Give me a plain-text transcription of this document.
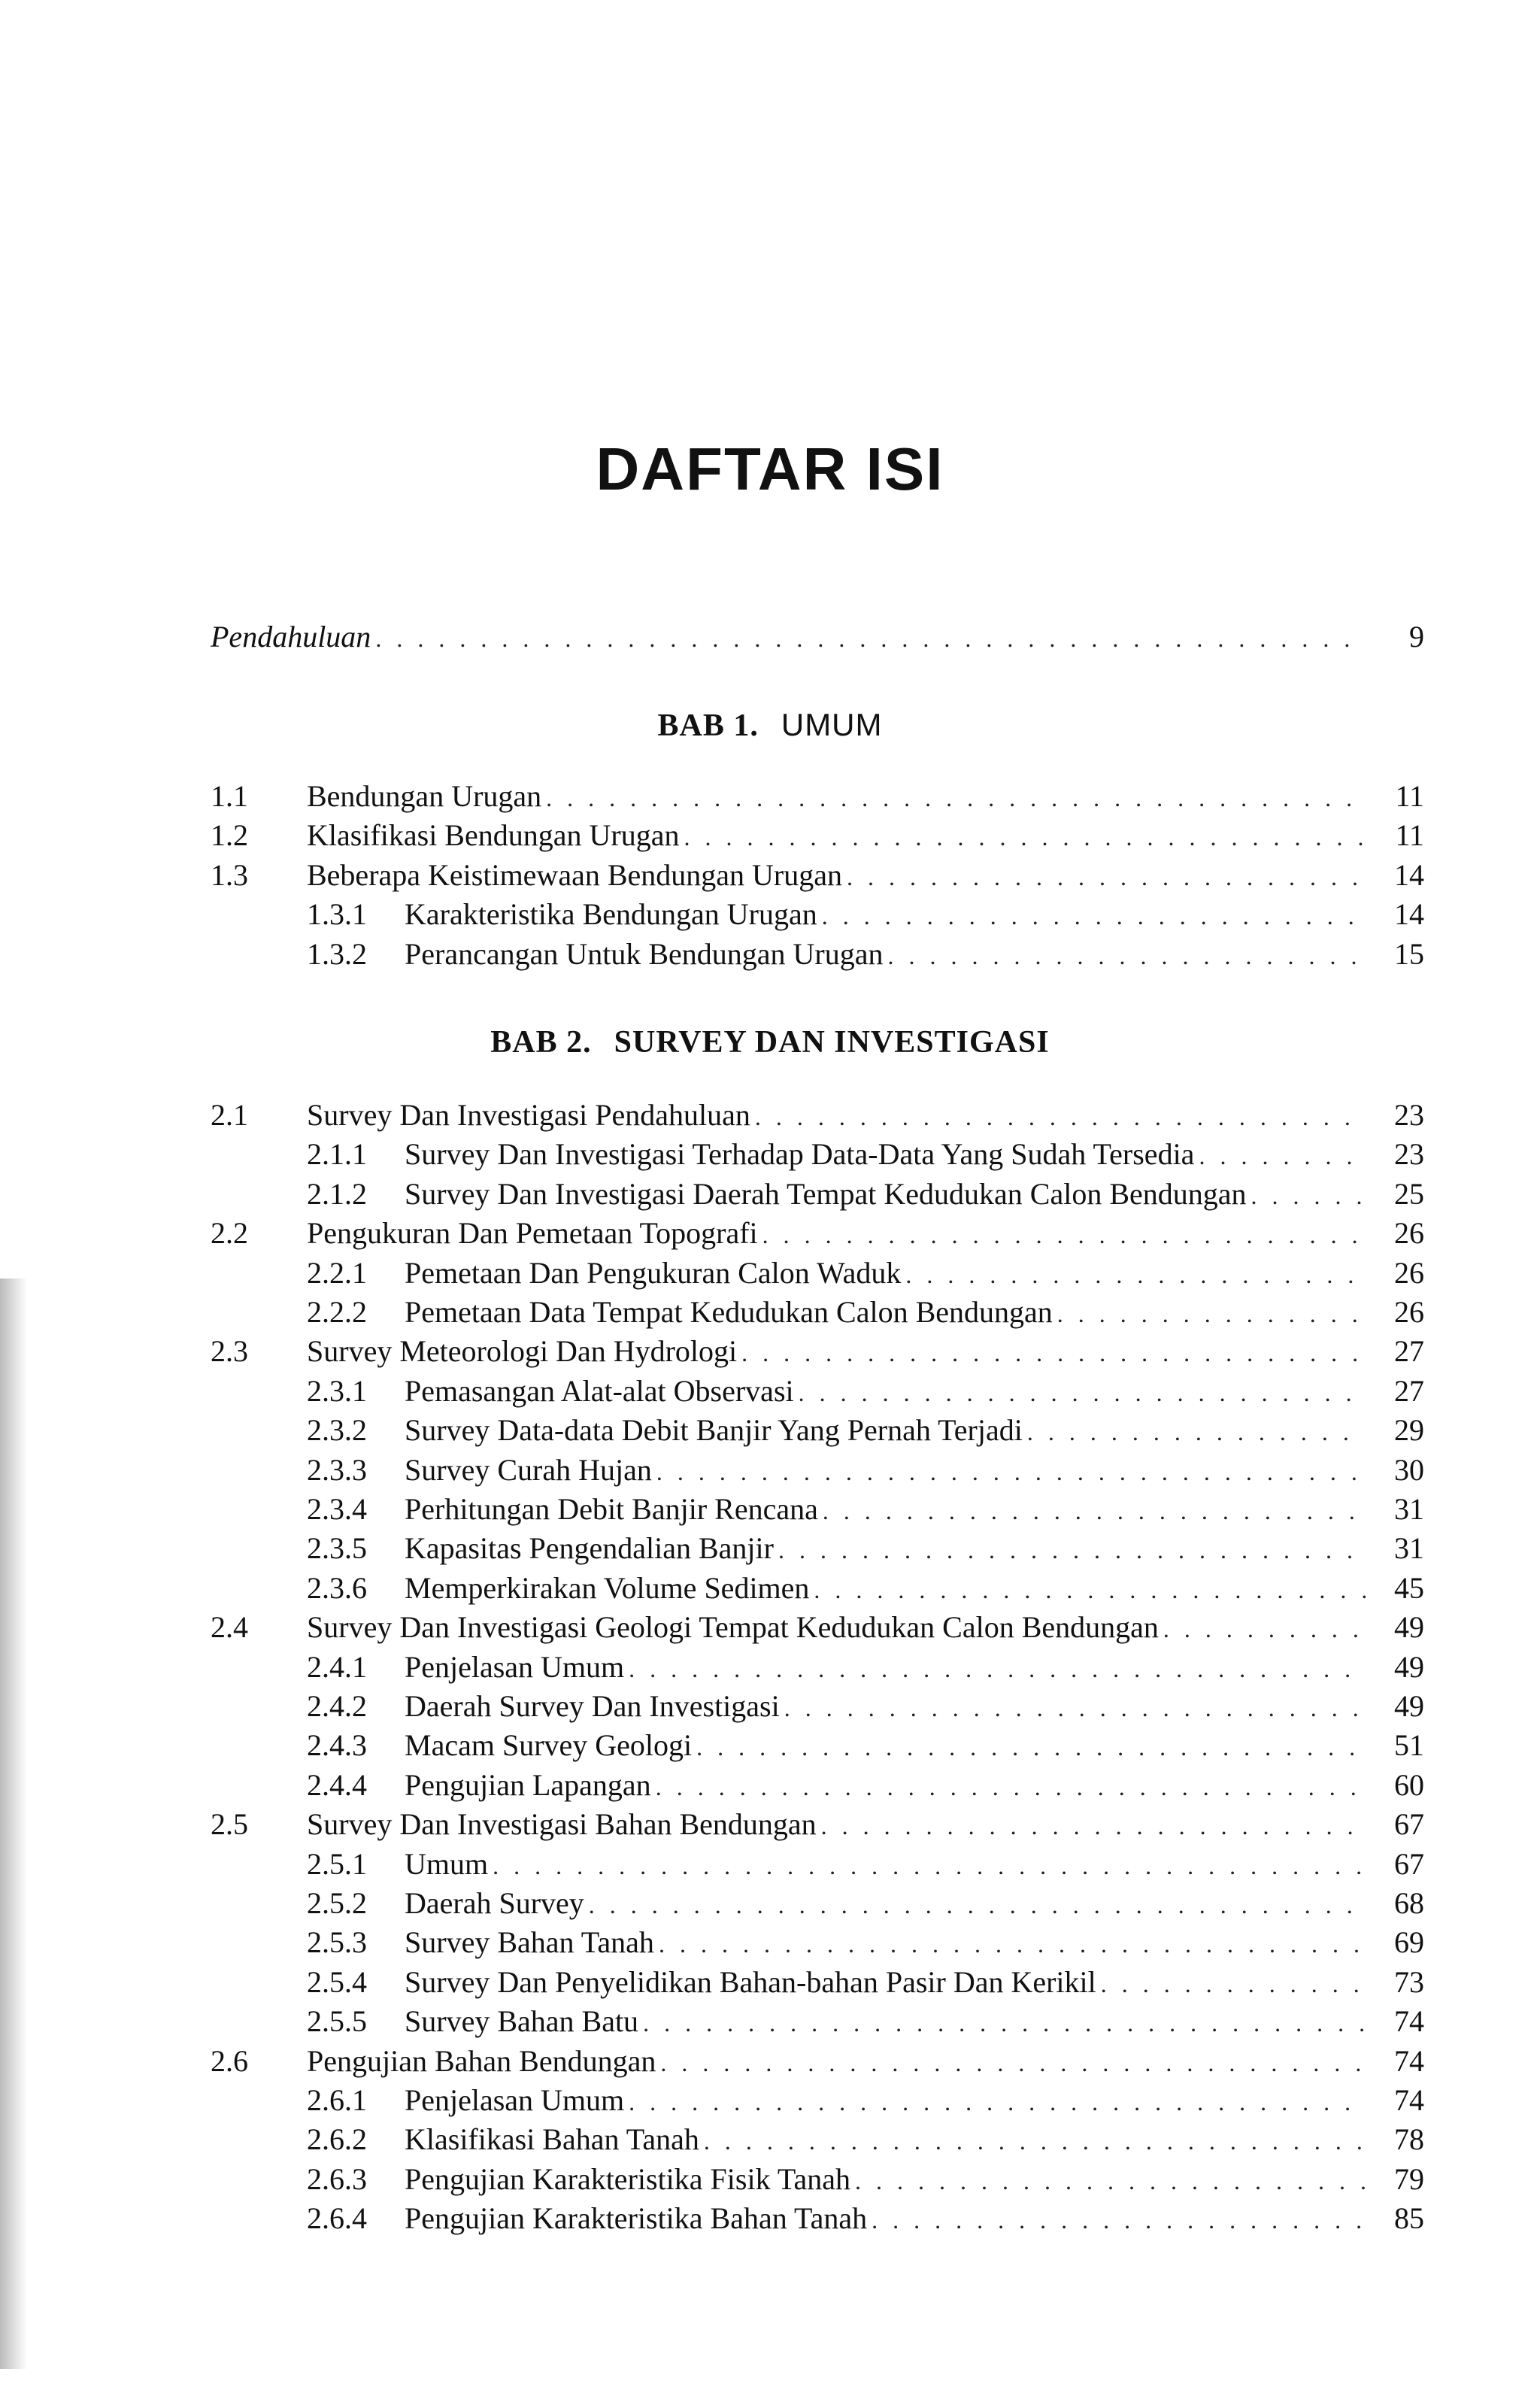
DAFTAR ISI
Pendahuluan . . .	9
BAB 1. UMUM
1.1 Bendungan Urugan . . .	11
1.2 Klasifikasi Bendungan Urugan . . .	11
1.3 Beberapa Keistimewaan Bendungan Urugan . . .	14
1.3.1 Karakteristika Bendungan Urugan . . .	14
1.3.2 Perancangan Untuk Bendungan Urugan . . .	15
BAB 2. SURVEY DAN INVESTIGASI
2.1 Survey Dan Investigasi Pendahuluan . . .	23
2.1.1 Survey Dan Investigasi Terhadap Data-Data Yang Sudah Tersedia . . .	23
2.1.2 Survey Dan Investigasi Daerah Tempat Kedudukan Calon Bendungan . . .	25
2.2 Pengukuran Dan Pemetaan Topografi . . .	26
2.2.1 Pemetaan Dan Pengukuran Calon Waduk . . .	26
2.2.2 Pemetaan Data Tempat Kedudukan Calon Bendungan . . .	26
2.3 Survey Meteorologi Dan Hydrologi . . .	27
2.3.1 Pemasangan Alat-alat Observasi . . .	27
2.3.2 Survey Data-data Debit Banjir Yang Pernah Terjadi . . .	29
2.3.3 Survey Curah Hujan . . .	30
2.3.4 Perhitungan Debit Banjir Rencana . . .	31
2.3.5 Kapasitas Pengendalian Banjir . . .	31
2.3.6 Memperkirakan Volume Sedimen . . .	45
2.4 Survey Dan Investigasi Geologi Tempat Kedudukan Calon Bendungan . . .	49
2.4.1 Penjelasan Umum . . .	49
2.4.2 Daerah Survey Dan Investigasi . . .	49
2.4.3 Macam Survey Geologi . . .	51
2.4.4 Pengujian Lapangan . . .	60
2.5 Survey Dan Investigasi Bahan Bendungan . . .	67
2.5.1 Umum . . .	67
2.5.2 Daerah Survey . . .	68
2.5.3 Survey Bahan Tanah . . .	69
2.5.4 Survey Dan Penyelidikan Bahan-bahan Pasir Dan Kerikil . . .	73
2.5.5 Survey Bahan Batu . . .	74
2.6 Pengujian Bahan Bendungan . . .	74
2.6.1 Penjelasan Umum . . .	74
2.6.2 Klasifikasi Bahan Tanah . . .	78
2.6.3 Pengujian Karakteristika Fisik Tanah . . .	79
2.6.4 Pengujian Karakteristika Bahan Tanah . . .	85
